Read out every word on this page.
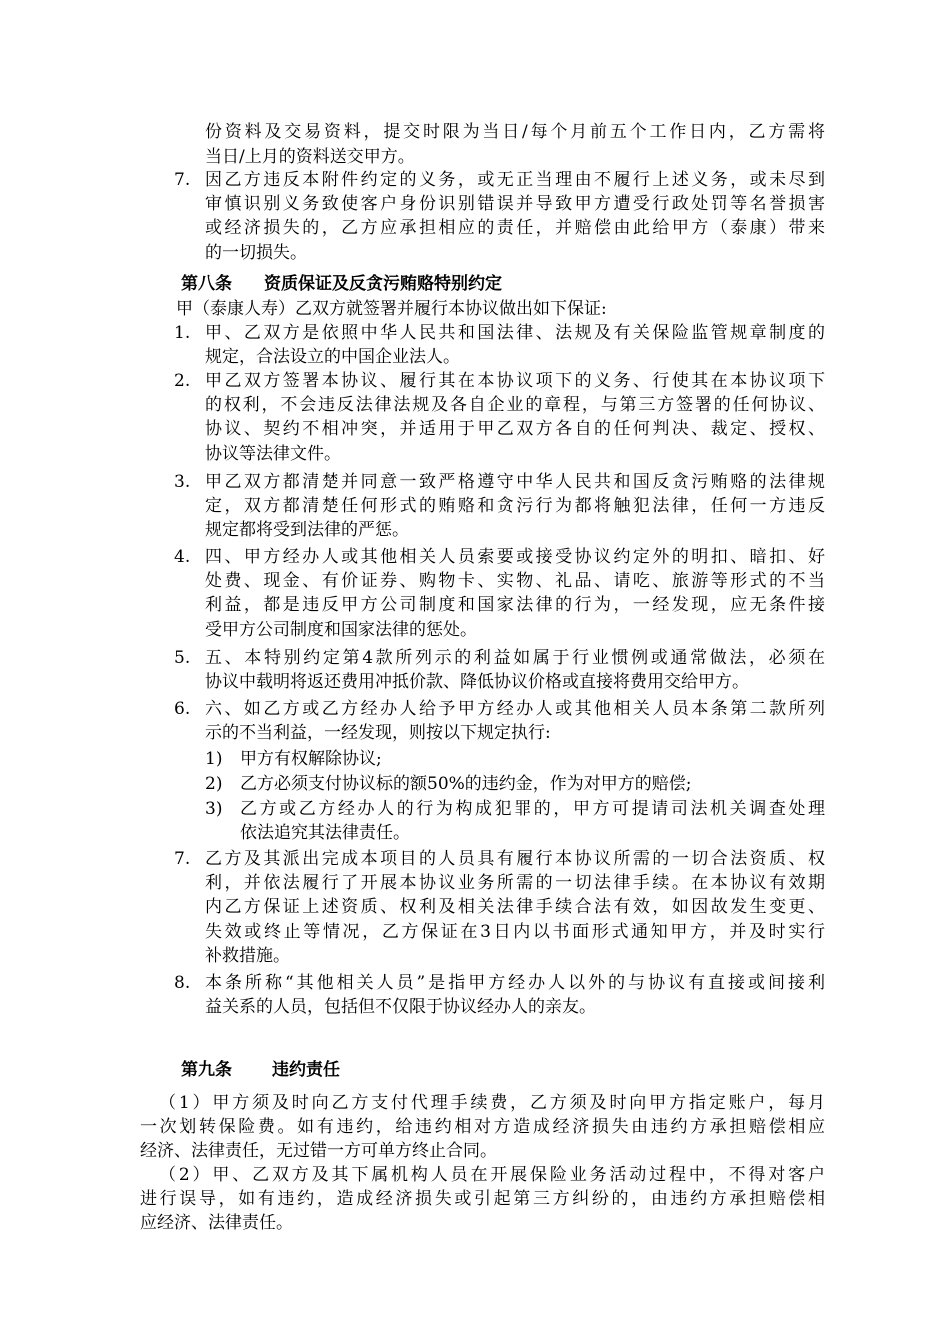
份资料及交易资料，提交时限为当日/每个月前五个工作日内，乙方需将
当日/上月的资料送交甲方。
7. 因乙方违反本附件约定的义务，或无正当理由不履行上述义务，或未尽到
审慎识别义务致使客户身份识别错误并导致甲方遭受行政处罚等名誉损害
或经济损失的，乙方应承担相应的责任，并赔偿由此给甲方（泰康）带来
的一切损失。
第八条 资质保证及反贪污贿赂特别约定
甲（泰康人寿）乙双方就签署并履行本协议做出如下保证:
1. 甲、乙双方是依照中华人民共和国法律、法规及有关保险监管规章制度的
规定，合法设立的中国企业法人。
2. 甲乙双方签署本协议、履行其在本协议项下的义务、行使其在本协议项下
的权利，不会违反法律法规及各自企业的章程，与第三方签署的任何协议、
协议、契约不相冲突，并适用于甲乙双方各自的任何判决、裁定、授权、
协议等法律文件。
3. 甲乙双方都清楚并同意一致严格遵守中华人民共和国反贪污贿赂的法律规
定，双方都清楚任何形式的贿赂和贪污行为都将触犯法律，任何一方违反
规定都将受到法律的严惩。
4. 四、甲方经办人或其他相关人员索要或接受协议约定外的明扣、暗扣、好
处费、现金、有价证券、购物卡、实物、礼品、请吃、旅游等形式的不当
利益，都是违反甲方公司制度和国家法律的行为，一经发现，应无条件接
受甲方公司制度和国家法律的惩处。
5. 五、本特别约定第4款所列示的利益如属于行业惯例或通常做法，必须在
协议中载明将返还费用冲抵价款、降低协议价格或直接将费用交给甲方。
6. 六、如乙方或乙方经办人给予甲方经办人或其他相关人员本条第二款所列
示的不当利益，一经发现，则按以下规定执行:
1) 甲方有权解除协议;
2) 乙方必须支付协议标的额50%的违约金，作为对甲方的赔偿;
3) 乙方或乙方经办人的行为构成犯罪的，甲方可提请司法机关调查处理
依法追究其法律责任。
7. 乙方及其派出完成本项目的人员具有履行本协议所需的一切合法资质、权
利，并依法履行了开展本协议业务所需的一切法律手续。在本协议有效期
内乙方保证上述资质、权利及相关法律手续合法有效，如因故发生变更、
失效或终止等情况，乙方保证在3日内以书面形式通知甲方，并及时实行
补救措施。
8. 本条所称“其他相关人员”是指甲方经办人以外的与协议有直接或间接利
益关系的人员，包括但不仅限于协议经办人的亲友。
第九条 违约责任
（1）甲方须及时向乙方支付代理手续费，乙方须及时向甲方指定账户，每月
一次划转保险费。如有违约，给违约相对方造成经济损失由违约方承担赔偿相应
经济、法律责任，无过错一方可单方终止合同。
（2）甲、乙双方及其下属机构人员在开展保险业务活动过程中，不得对客户
进行误导，如有违约，造成经济损失或引起第三方纠纷的，由违约方承担赔偿相
应经济、法律责任。
